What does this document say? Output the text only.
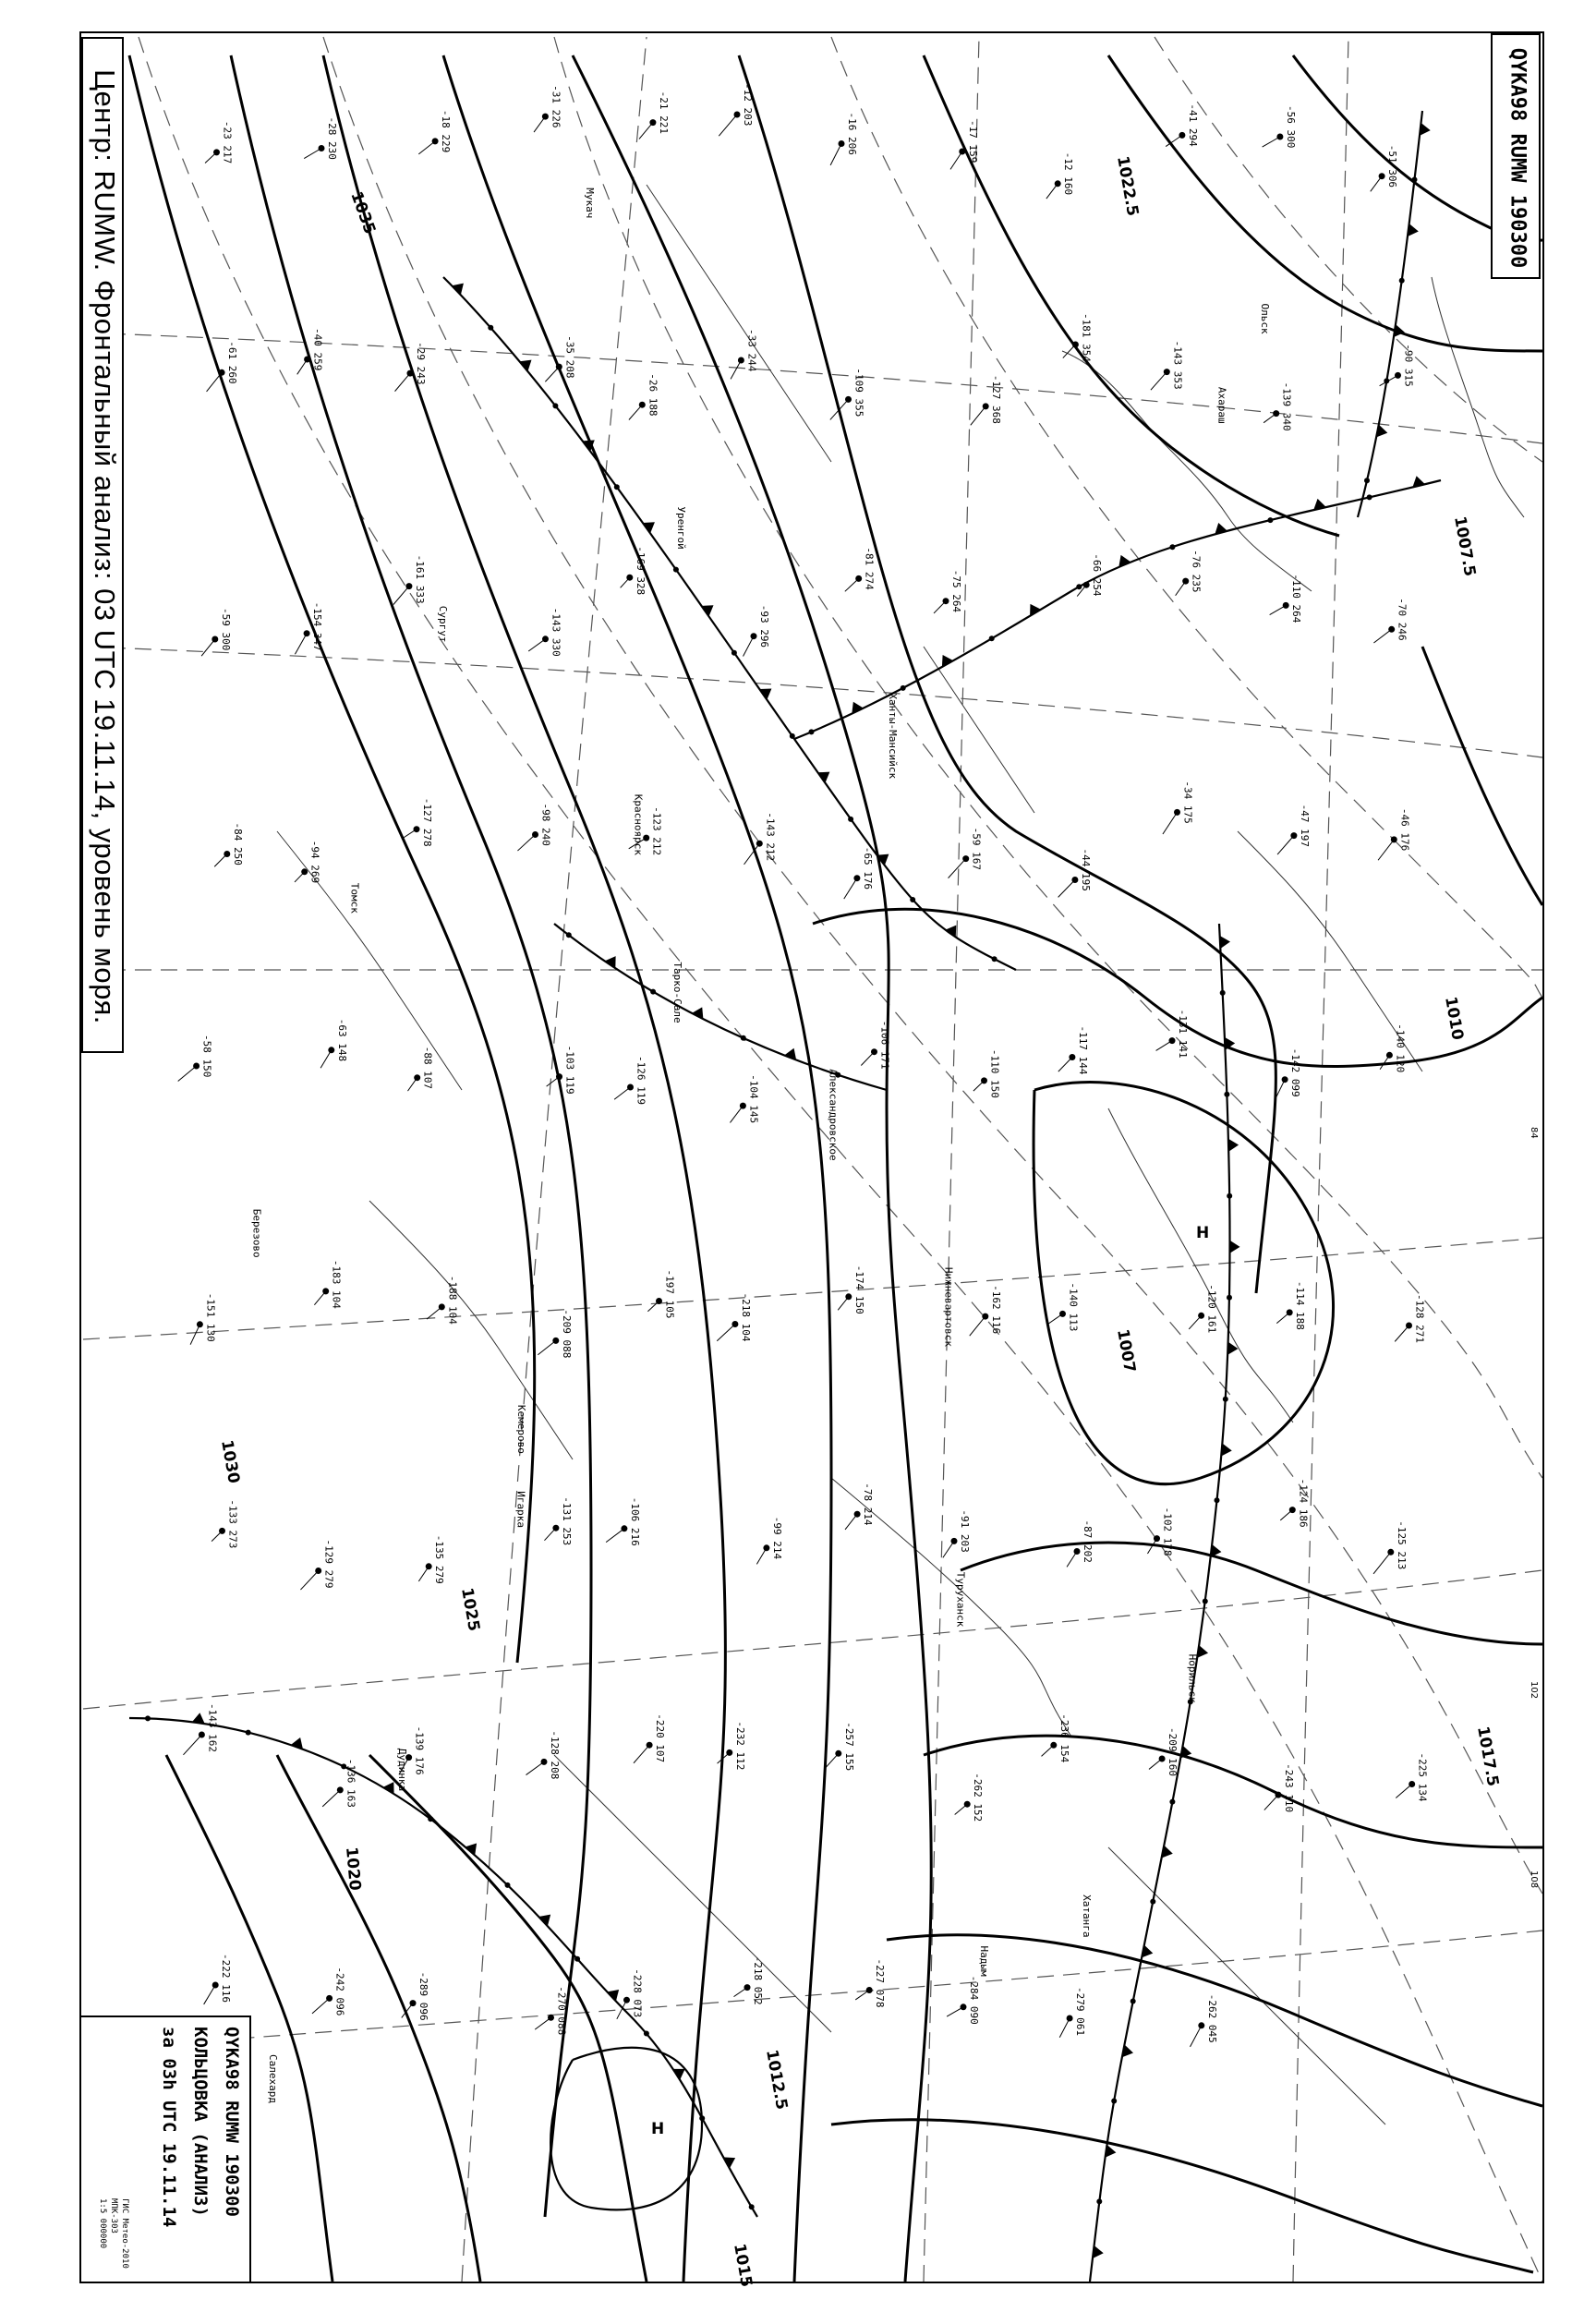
1035
1030
1025
1020
1022.5
1017.5
1015
1012.5
1010
1007.5
1007
Н
Н
-23 217	-28 230	-18 229
-31 226	-21 221	-12 203
-16 206	-17 159
-12 160
-41 294	-56 300
-51 306
-61 260	-40 259	-29 243	-35 208
-26 188
-33 244
-109 355	-127 368
-181 354
-143 353
-139 340
-90 315
-59 300	-154 347
-161 333
-143 330
-169 328
-93 296
-81 274
-75 264	-66 254	-76 235
-110 264	-70 246
-84 250	-94 269
-127 278	-98 240	-123 212	-143 212
-65 176	-59 167	-44 195
-34 175
-47 197	-46 176
-58 150	-63 148
-88 107	-103 119	-126 119	-104 145
-106 171
-110 150	-117 144	-131 141
-142 099	-140 120
-151 130
-183 104	-188 104
-209 088
-197 105	-218 104
-174 150	-162 116	-140 113	-120 161	-114 188	-128 271
-133 273
-129 279	-135 279
-131 253	-106 216	-99 214
-78 214
-91 203	-87 202	-102 178
-124 186
-125 213
-143 162
-136 163
-139 176	-128 208	-220 107	-232 112	-257 155
-262 152
-236 154	-209 160
-243 110	-225 134
-222 116	-242 096	-289 096	-270 088	-228 073	-218 052	-227 078	-284 090	-279 061	-262 045
Мукач
Ольск
Ахараш
Уренгой
Сургут
Ханты-Мансийск
Красноярск
Томск
Тарко-Сале
Александровское
Березово
Нижневартовск
Кемерово
Игарка
Туруханск
Норильск
Дудинка
Хатанга
Надым
Салехард
102
108
84
Центр: RUMW. Фронтальный анализ: 03 UTC 19.11.14, уровень моря.	QYKA98 RUMW 190300
QYKA98 RUMW 190300
КОЛЬЦОВКА (АНАЛИЗ)
за 03h UTC 19.11.14
ГИС Метео-2010
МПК-303
1:5 000000
